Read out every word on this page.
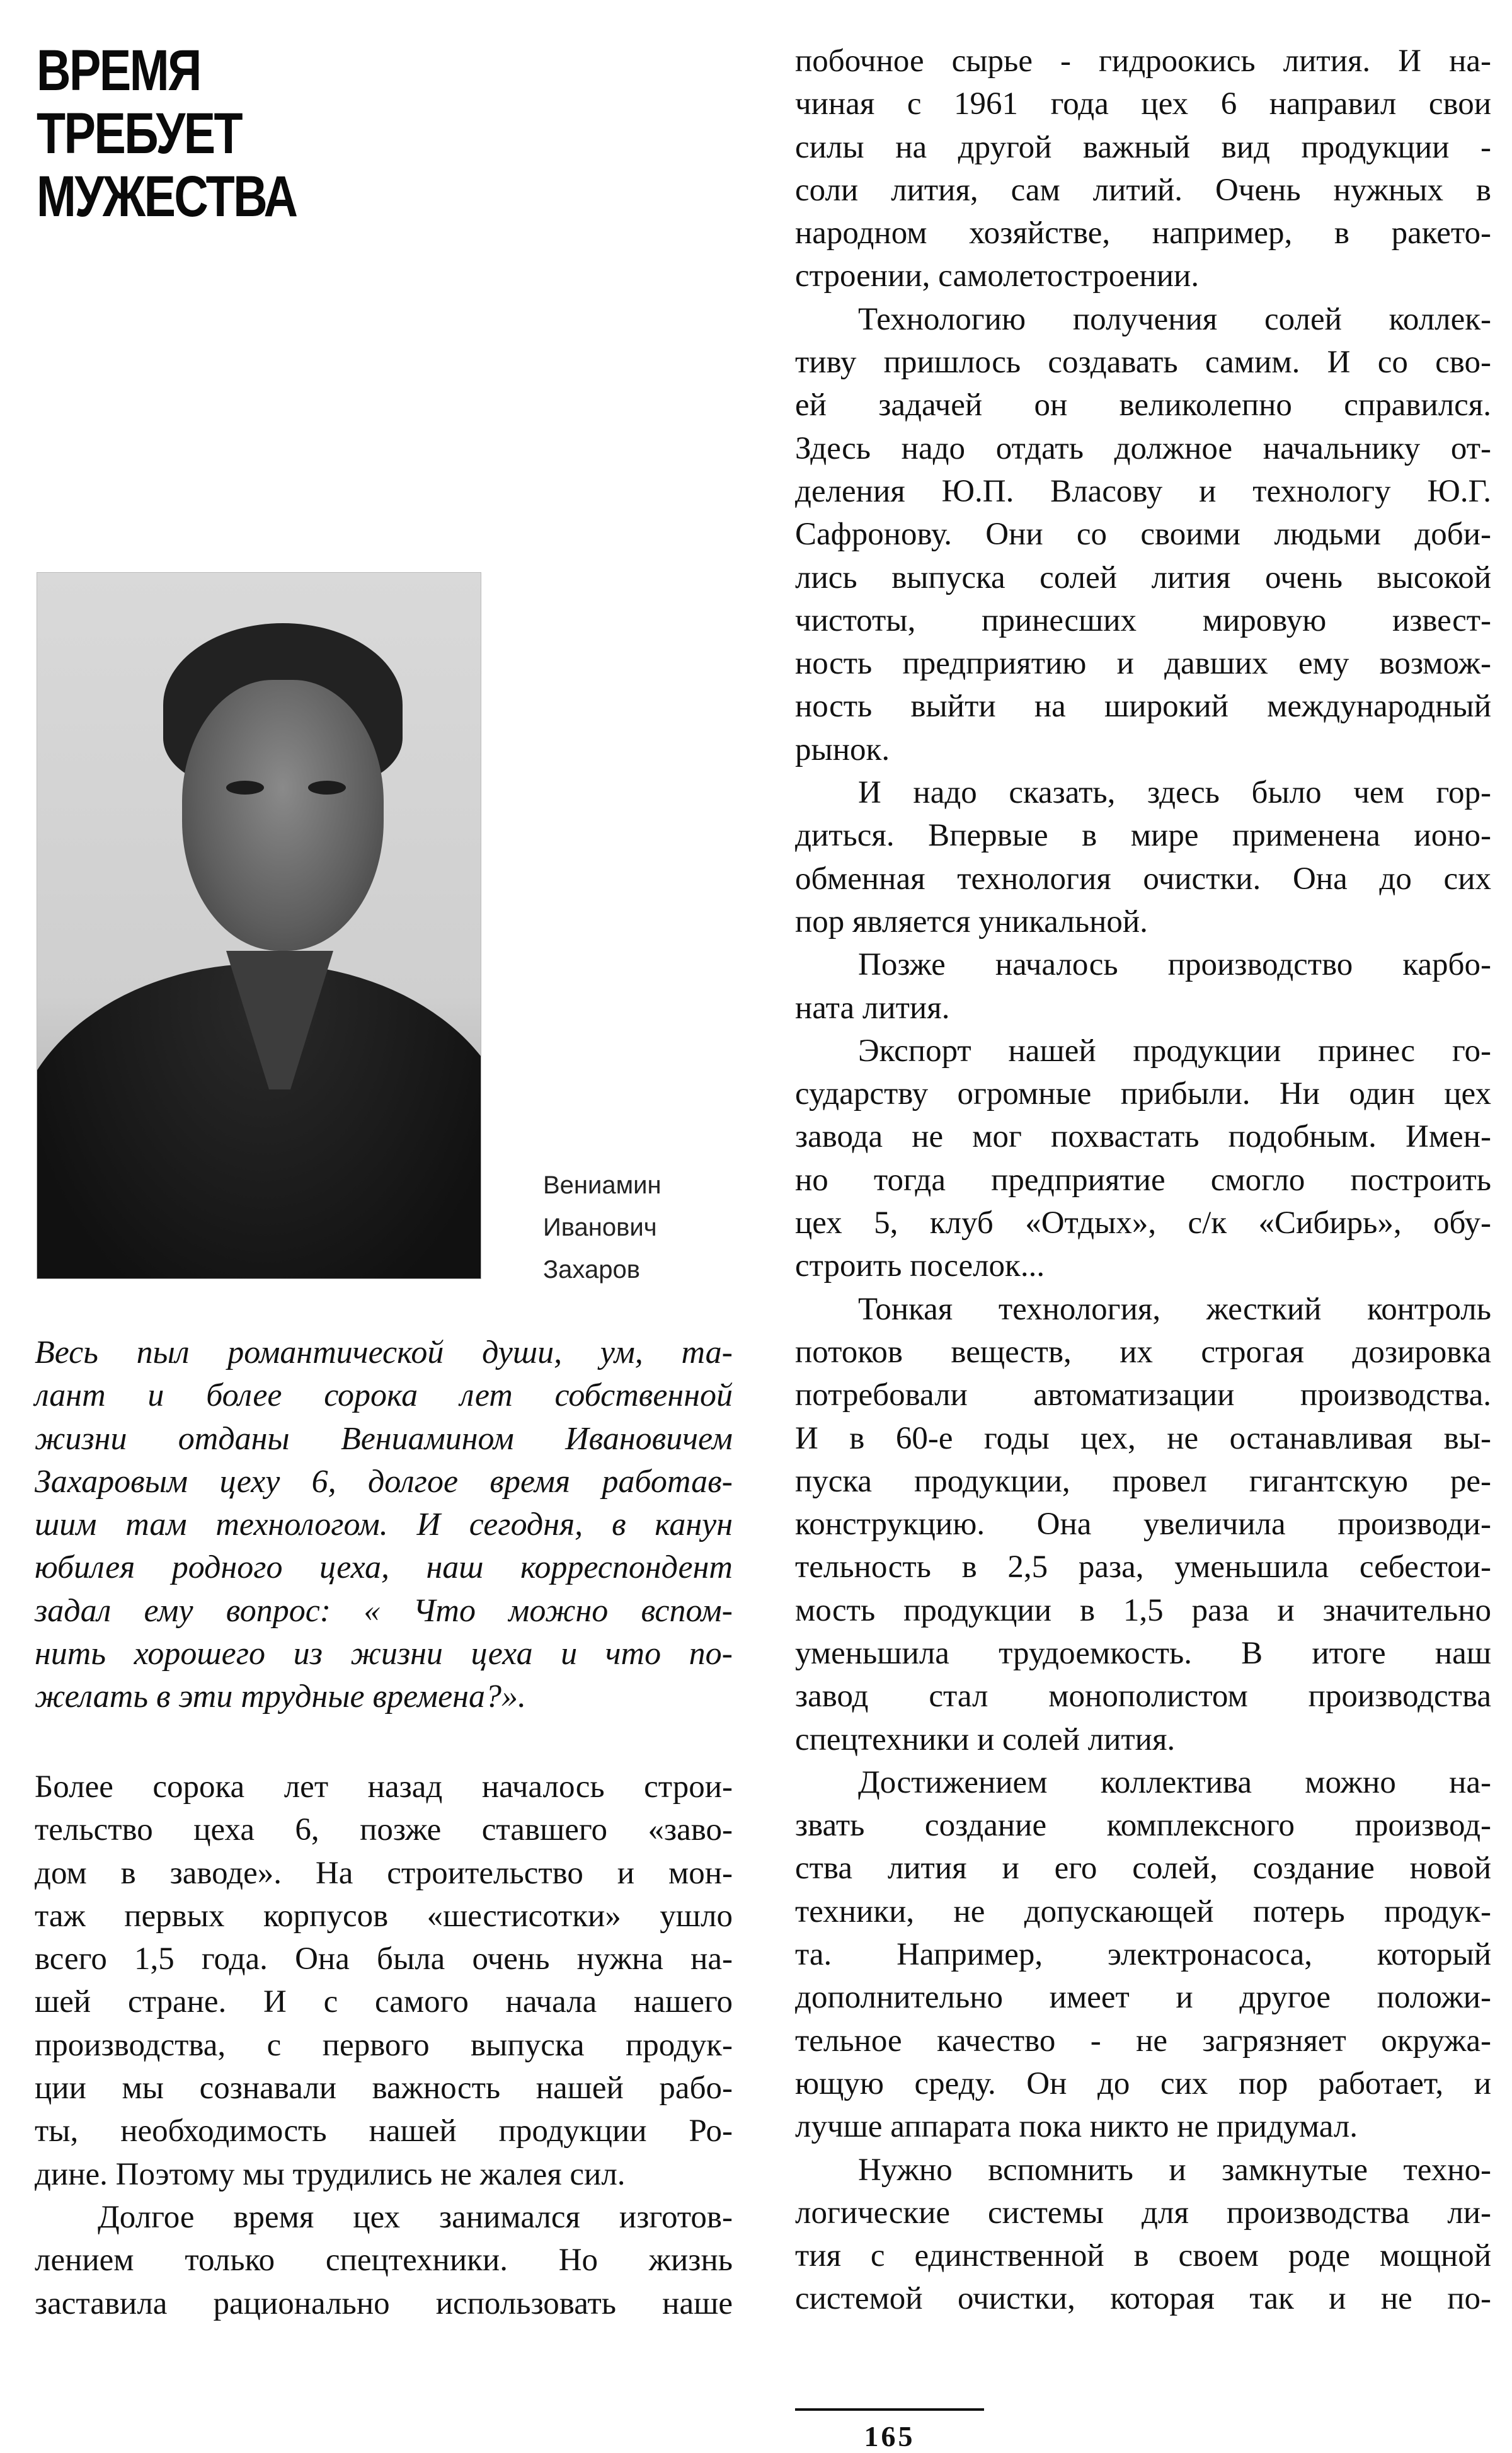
ВРЕМЯ
ТРЕБУЕТ
МУЖЕСТВА
Вениамин
Иванович
Захаров
Весь пыл романтической души, ум, та-
лант и более сорока лет собственной
жизни отданы Вениамином Ивановичем
Захаровым цеху 6, долгое время работав-
шим там технологом. И сегодня, в канун
юбилея родного цеха, наш корреспондент
задал ему вопрос: « Что можно вспом-
нить хорошего из жизни цеха и что по-
желать в эти трудные времена?».
Более сорока лет назад началось строи-
тельство цеха 6, позже ставшего «заво-
дом в заводе». На строительство и мон-
таж первых корпусов «шестисотки» ушло
всего 1,5 года. Она была очень нужна на-
шей стране. И с самого начала нашего
производства, с первого выпуска продук-
ции мы сознавали важность нашей рабо-
ты, необходимость нашей продукции Ро-
дине. Поэтому мы трудились не жалея сил.
Долгое время цех занимался изготов-
лением только спецтехники. Но жизнь
заставила рационально использовать наше
побочное сырье - гидроокись лития. И на-
чиная с 1961 года цех 6 направил свои
силы на другой важный вид продукции -
соли лития, сам литий. Очень нужных в
народном хозяйстве, например, в ракето-
строении, самолетостроении.
Технологию получения солей коллек-
тиву пришлось создавать самим. И со сво-
ей задачей он великолепно справился.
Здесь надо отдать должное начальнику от-
деления Ю.П. Власову и технологу Ю.Г.
Сафронову. Они со своими людьми доби-
лись выпуска солей лития очень высокой
чистоты, принесших мировую извест-
ность предприятию и давших ему возмож-
ность выйти на широкий международный
рынок.
И надо сказать, здесь было чем гор-
диться. Впервые в мире применена ионо-
обменная технология очистки. Она до сих
пор является уникальной.
Позже началось производство карбо-
ната лития.
Экспорт нашей продукции принес го-
сударству огромные прибыли. Ни один цех
завода не мог похвастать подобным. Имен-
но тогда предприятие смогло построить
цех 5, клуб «Отдых», с/к «Сибирь», обу-
строить поселок...
Тонкая технология, жесткий контроль
потоков веществ, их строгая дозировка
потребовали автоматизации производства.
И в 60-е годы цех, не останавливая вы-
пуска продукции, провел гигантскую ре-
конструкцию. Она увеличила производи-
тельность в 2,5 раза, уменьшила себестои-
мость продукции в 1,5 раза и значительно
уменьшила трудоемкость. В итоге наш
завод стал монополистом производства
спецтехники и солей лития.
Достижением коллектива можно на-
звать создание комплексного производ-
ства лития и его солей, создание новой
техники, не допускающей потерь продук-
та. Например, электронасоса, который
дополнительно имеет и другое положи-
тельное качество - не загрязняет окружа-
ющую среду. Он до сих пор работает, и
лучше аппарата пока никто не придумал.
Нужно вспомнить и замкнутые техно-
логические системы для производства ли-
тия с единственной в своем роде мощной
системой очистки, которая так и не по-
165
